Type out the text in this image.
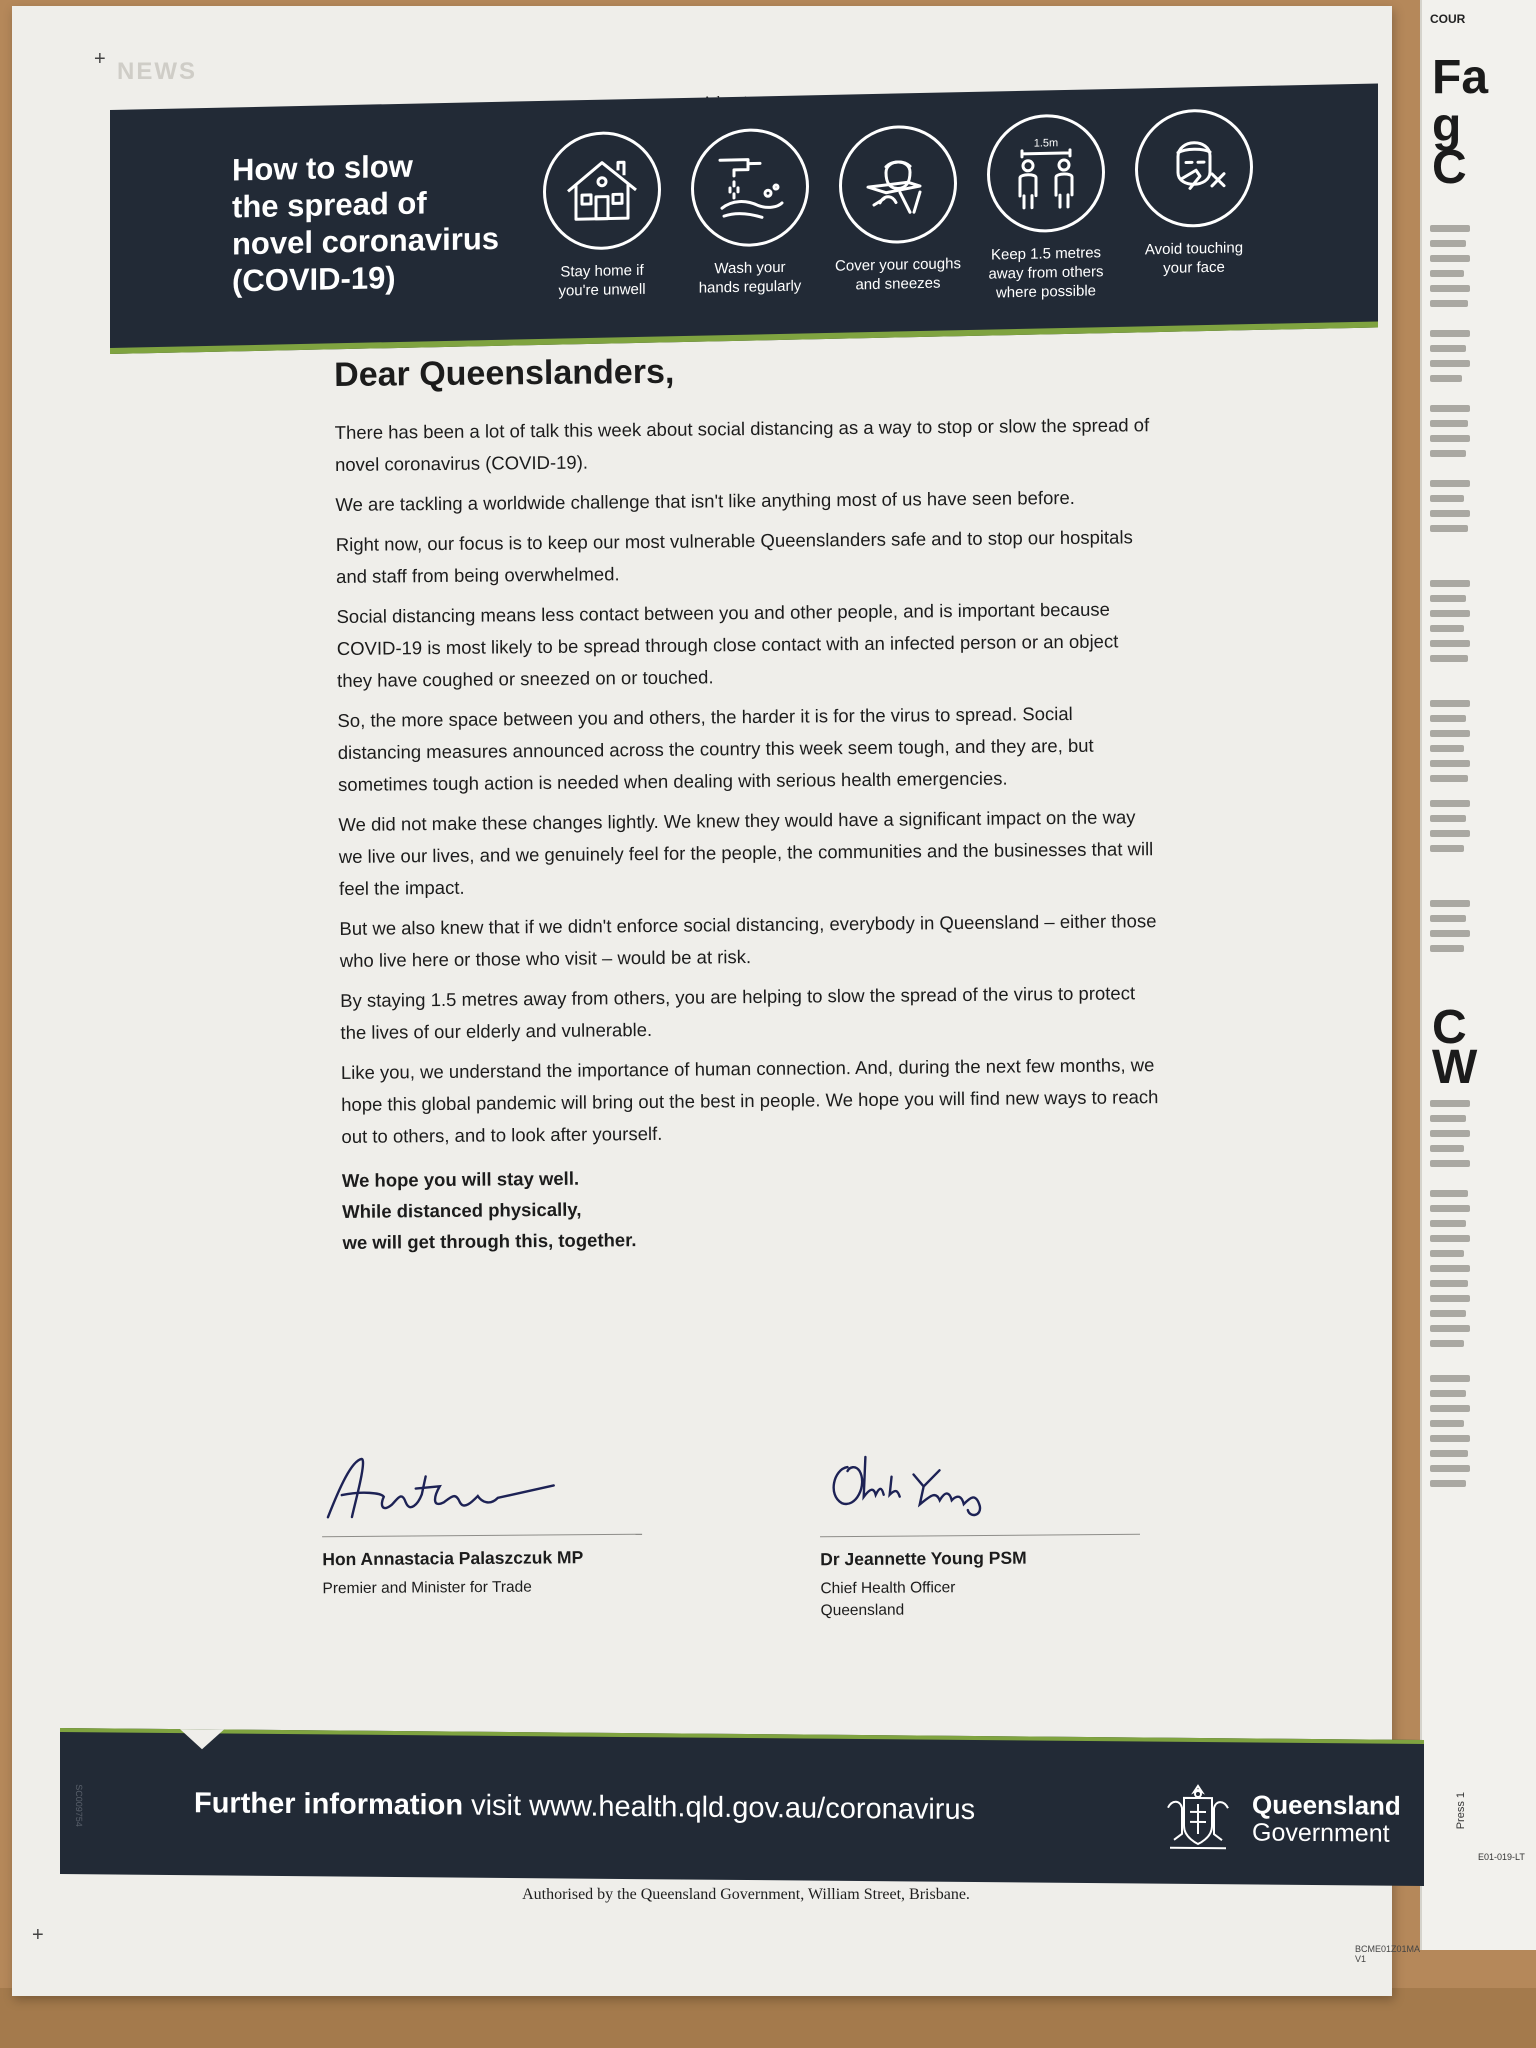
COUR
Fa
g
C
C
W
NEWS
How to slow
the spread of
novel coronavirus
(COVID-19)	Stay home if
you're unwell
Wash your
hands regularly
Cover your coughs
and sneezes
1.5m
Keep 1.5 metres
away from others
where possible
Avoid touching
your face
Dear Queenslanders,

There has been a lot of talk this week about social distancing as a way to stop or slow the spread of novel coronavirus (COVID-19).

We are tackling a worldwide challenge that isn't like anything most of us have seen before.

Right now, our focus is to keep our most vulnerable Queenslanders safe and to stop our hospitals and staff from being overwhelmed.

Social distancing means less contact between you and other people, and is important because COVID-19 is most likely to be spread through close contact with an infected person or an object they have coughed or sneezed on or touched.

So, the more space between you and others, the harder it is for the virus to spread. Social distancing measures announced across the country this week seem tough, and they are, but sometimes tough action is needed when dealing with serious health emergencies.

We did not make these changes lightly. We knew they would have a significant impact on the way we live our lives, and we genuinely feel for the people, the communities and the businesses that will feel the impact.

But we also knew that if we didn't enforce social distancing, everybody in Queensland – either those who live here or those who visit – would be at risk.

By staying 1.5 metres away from others, you are helping to slow the spread of the virus to protect the lives of our elderly and vulnerable.

Like you, we understand the importance of human connection. And, during the next few months, we hope this global pandemic will bring out the best in people. We hope you will find new ways to reach out to others, and to look after yourself.

We hope you will stay well.
While distanced physically,
we will get through this, together.
Hon Annastacia Palaszczuk MP
Premier and Minister for Trade
Dr Jeannette Young PSM
Chief Health Officer
Queensland
SC009754	Further information visit www.health.qld.gov.au/coronavirus	Queensland
Government
Authorised by the Queensland Government, William Street, Brisbane.
+
+
BCME01Z01MA V1
Press 1
E01-019-LT
